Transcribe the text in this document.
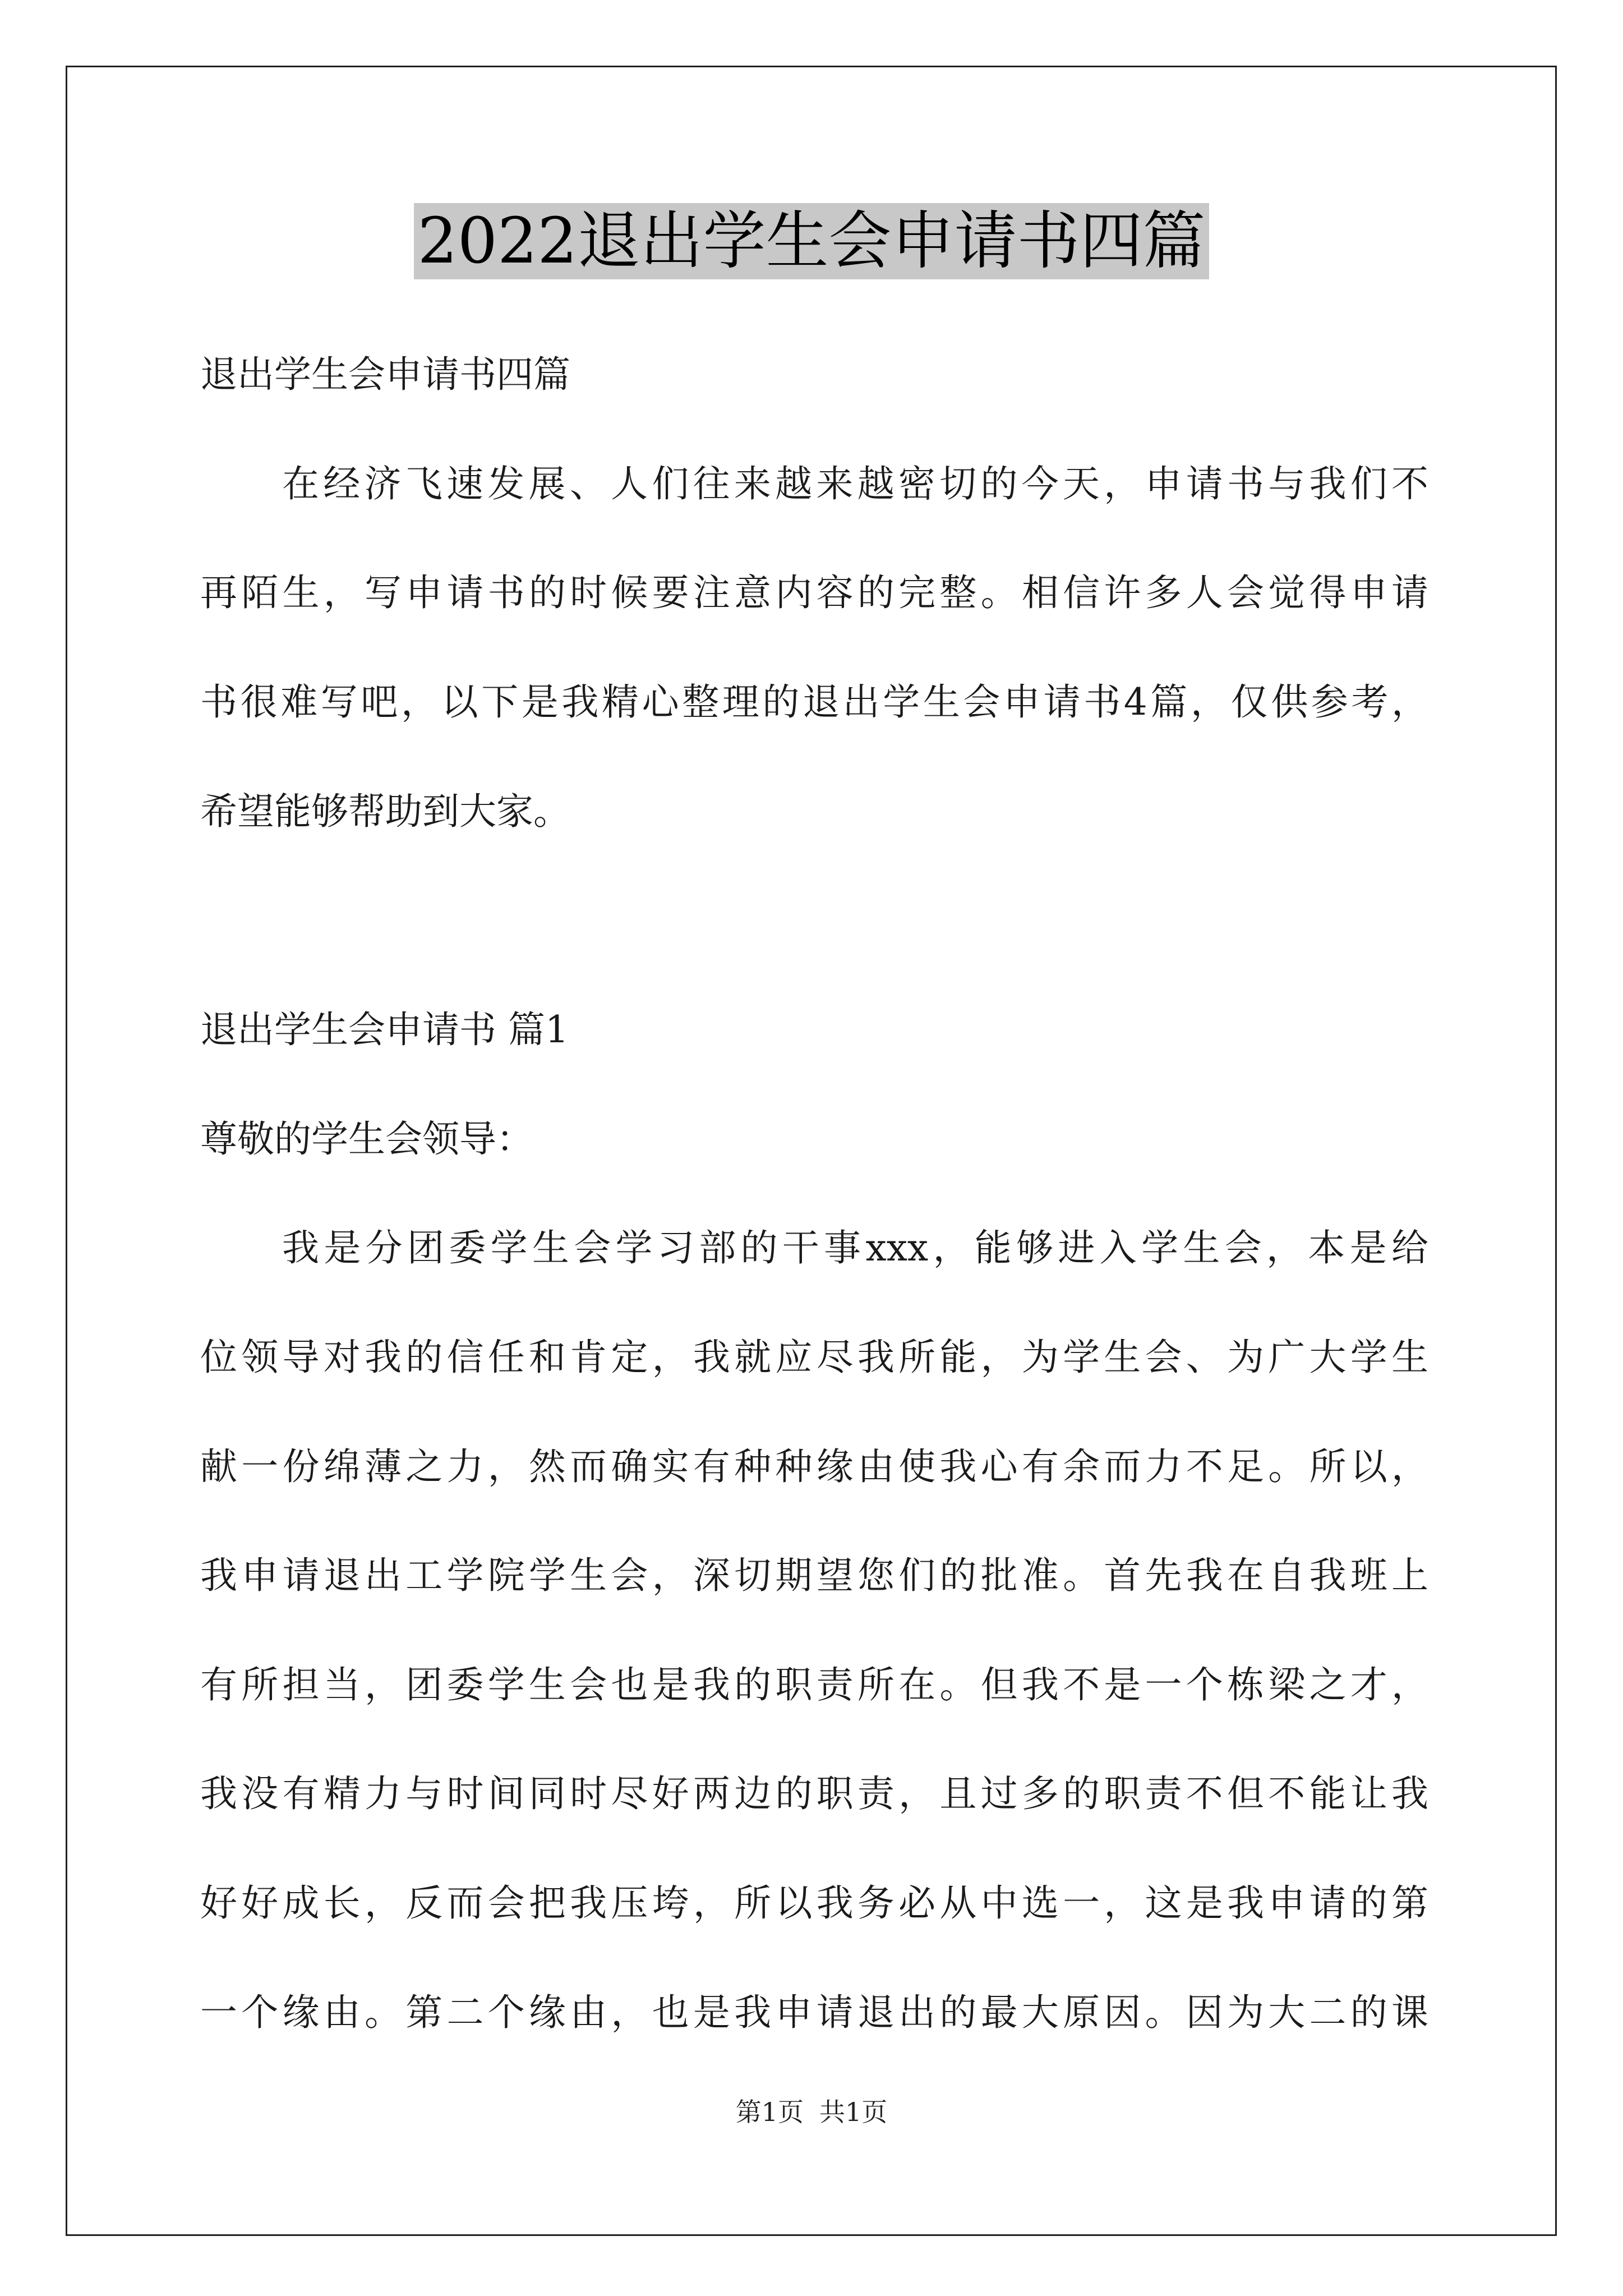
2022退出学生会申请书四篇
退出学生会申请书四篇
在经济飞速发展、人们往来越来越密切的今天，申请书与我们不
再陌生，写申请书的时候要注意内容的完整。相信许多人会觉得申请
书很难写吧，以下是我精心整理的退出学生会申请书4篇，仅供参考，
希望能够帮助到大家。
退出学生会申请书 篇1
尊敬的学生会领导：
我是分团委学生会学习部的干事xxx，能够进入学生会，本是给
位领导对我的信任和肯定，我就应尽我所能，为学生会、为广大学生
献一份绵薄之力，然而确实有种种缘由使我心有余而力不足。所以，
我申请退出工学院学生会，深切期望您们的批准。首先我在自我班上
有所担当，团委学生会也是我的职责所在。但我不是一个栋梁之才，
我没有精力与时间同时尽好两边的职责，且过多的职责不但不能让我
好好成长，反而会把我压垮，所以我务必从中选一，这是我申请的第
一个缘由。第二个缘由，也是我申请退出的最大原因。因为大二的课
第1页 共1页
